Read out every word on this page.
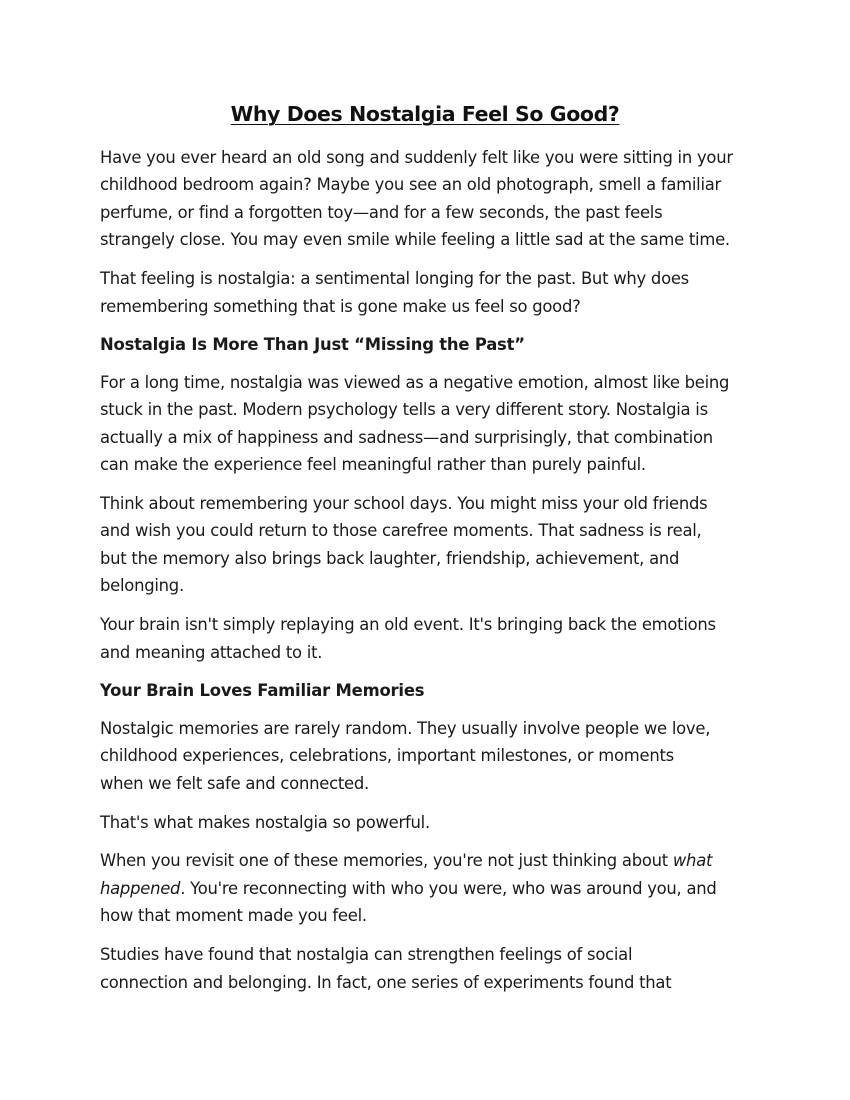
Why Does Nostalgia Feel So Good?

Have you ever heard an old song and suddenly felt like you were sitting in your
childhood bedroom again? Maybe you see an old photograph, smell a familiar
perfume, or find a forgotten toy—and for a few seconds, the past feels
strangely close. You may even smile while feeling a little sad at the same time.

That feeling is nostalgia: a sentimental longing for the past. But why does
remembering something that is gone make us feel so good?

Nostalgia Is More Than Just “Missing the Past”

For a long time, nostalgia was viewed as a negative emotion, almost like being
stuck in the past. Modern psychology tells a very different story. Nostalgia is
actually a mix of happiness and sadness—and surprisingly, that combination
can make the experience feel meaningful rather than purely painful.

Think about remembering your school days. You might miss your old friends
and wish you could return to those carefree moments. That sadness is real,
but the memory also brings back laughter, friendship, achievement, and
belonging.

Your brain isn't simply replaying an old event. It's bringing back the emotions
and meaning attached to it.

Your Brain Loves Familiar Memories

Nostalgic memories are rarely random. They usually involve people we love,
childhood experiences, celebrations, important milestones, or moments
when we felt safe and connected.

That's what makes nostalgia so powerful.

When you revisit one of these memories, you're not just thinking about what
happened. You're reconnecting with who you were, who was around you, and
how that moment made you feel.

Studies have found that nostalgia can strengthen feelings of social
connection and belonging. In fact, one series of experiments found that
